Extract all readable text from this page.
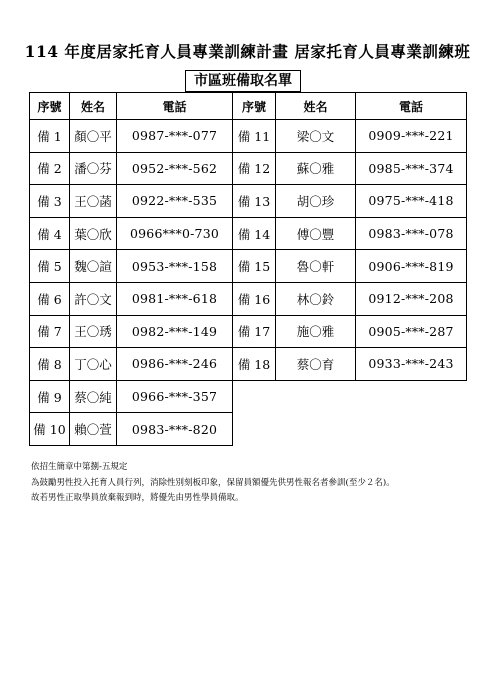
114 年度居家托育人員專業訓練計畫 居家托育人員專業訓練班
市區班備取名單
序號	姓名	電話	序號	姓名	電話
備 1	顏〇平	0987-***-077	備 11	梁〇文	0909-***-221
備 2	潘〇芬	0952-***-562	備 12	蘇〇雅	0985-***-374
備 3	王〇菡	0922-***-535	備 13	胡〇珍	0975-***-418
備 4	葉〇欣	0966***0-730	備 14	傅〇豐	0983-***-078
備 5	魏〇諠	0953-***-158	備 15	魯〇軒	0906-***-819
備 6	許〇文	0981-***-618	備 16	林〇鈴	0912-***-208
備 7	王〇琇	0982-***-149	備 17	施〇雅	0905-***-287
備 8	丁〇心	0986-***-246	備 18	蔡〇育	0933-***-243
備 9	蔡〇純	0966-***-357			
備 10	賴〇萱	0983-***-820			
依招生簡章中第捌-五規定
為鼓勵男性投入托育人員行列，消除性別刻板印象，保留員額優先供男性報名者參訓(至少２名)。
故若男性正取學員放棄報到時，將優先由男性學員備取。
